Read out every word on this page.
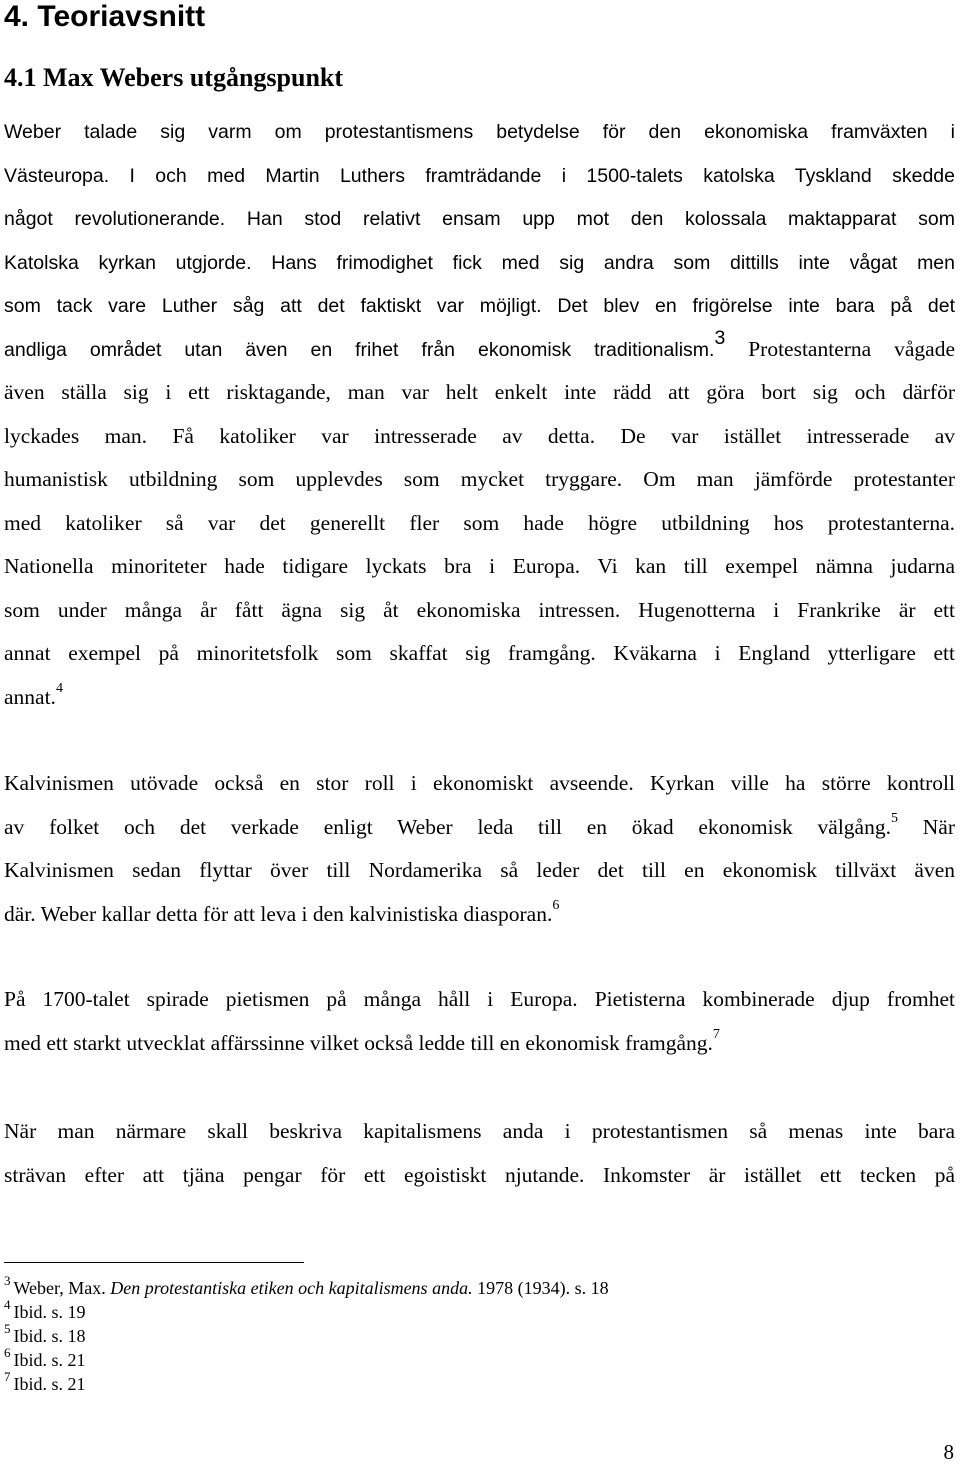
4. Teoriavsnitt
4.1 Max Webers utgångspunkt
Weber talade sig varm om protestantismens betydelse för den ekonomiska framväxten i
Västeuropa. I och med Martin Luthers framträdande i 1500-talets katolska Tyskland skedde
något revolutionerande. Han stod relativt ensam upp mot den kolossala maktapparat som
Katolska kyrkan utgjorde. Hans frimodighet fick med sig andra som dittills inte vågat men
som tack vare Luther såg att det faktiskt var möjligt. Det blev en frigörelse inte bara på det
andliga området utan även en frihet från ekonomisk traditionalism.$^3$ Protestanterna vågade
även ställa sig i ett risktagande, man var helt enkelt inte rädd att göra bort sig och därför
lyckades man. Få katoliker var intresserade av detta. De var istället intresserade av
humanistisk utbildning som upplevdes som mycket tryggare. Om man jämförde protestanter
med katoliker så var det generellt fler som hade högre utbildning hos protestanterna.
Nationella minoriteter hade tidigare lyckats bra i Europa. Vi kan till exempel nämna judarna
som under många år fått ägna sig åt ekonomiska intressen. Hugenotterna i Frankrike är ett
annat exempel på minoritetsfolk som skaffat sig framgång. Kväkarna i England ytterligare ett
annat.$^4$
Kalvinismen utövade också en stor roll i ekonomiskt avseende. Kyrkan ville ha större kontroll
av folket och det verkade enligt Weber leda till en ökad ekonomisk välgång.$^5$ När
Kalvinismen sedan flyttar över till Nordamerika så leder det till en ekonomisk tillväxt även
där. Weber kallar detta för att leva i den kalvinistiska diasporan.$^6$
På 1700-talet spirade pietismen på många håll i Europa. Pietisterna kombinerade djup fromhet
med ett starkt utvecklat affärssinne vilket också ledde till en ekonomisk framgång.$^7$
När man närmare skall beskriva kapitalismens anda i protestantismen så menas inte bara
strävan efter att tjäna pengar för ett egoistiskt njutande. Inkomster är istället ett tecken på
$^3$ Weber, Max. Den protestantiska etiken och kapitalismens anda. 1978 (1934). s. 18
$^4$ Ibid. s. 19
$^5$ Ibid. s. 18
$^6$ Ibid. s. 21
$^7$ Ibid. s. 21
8
